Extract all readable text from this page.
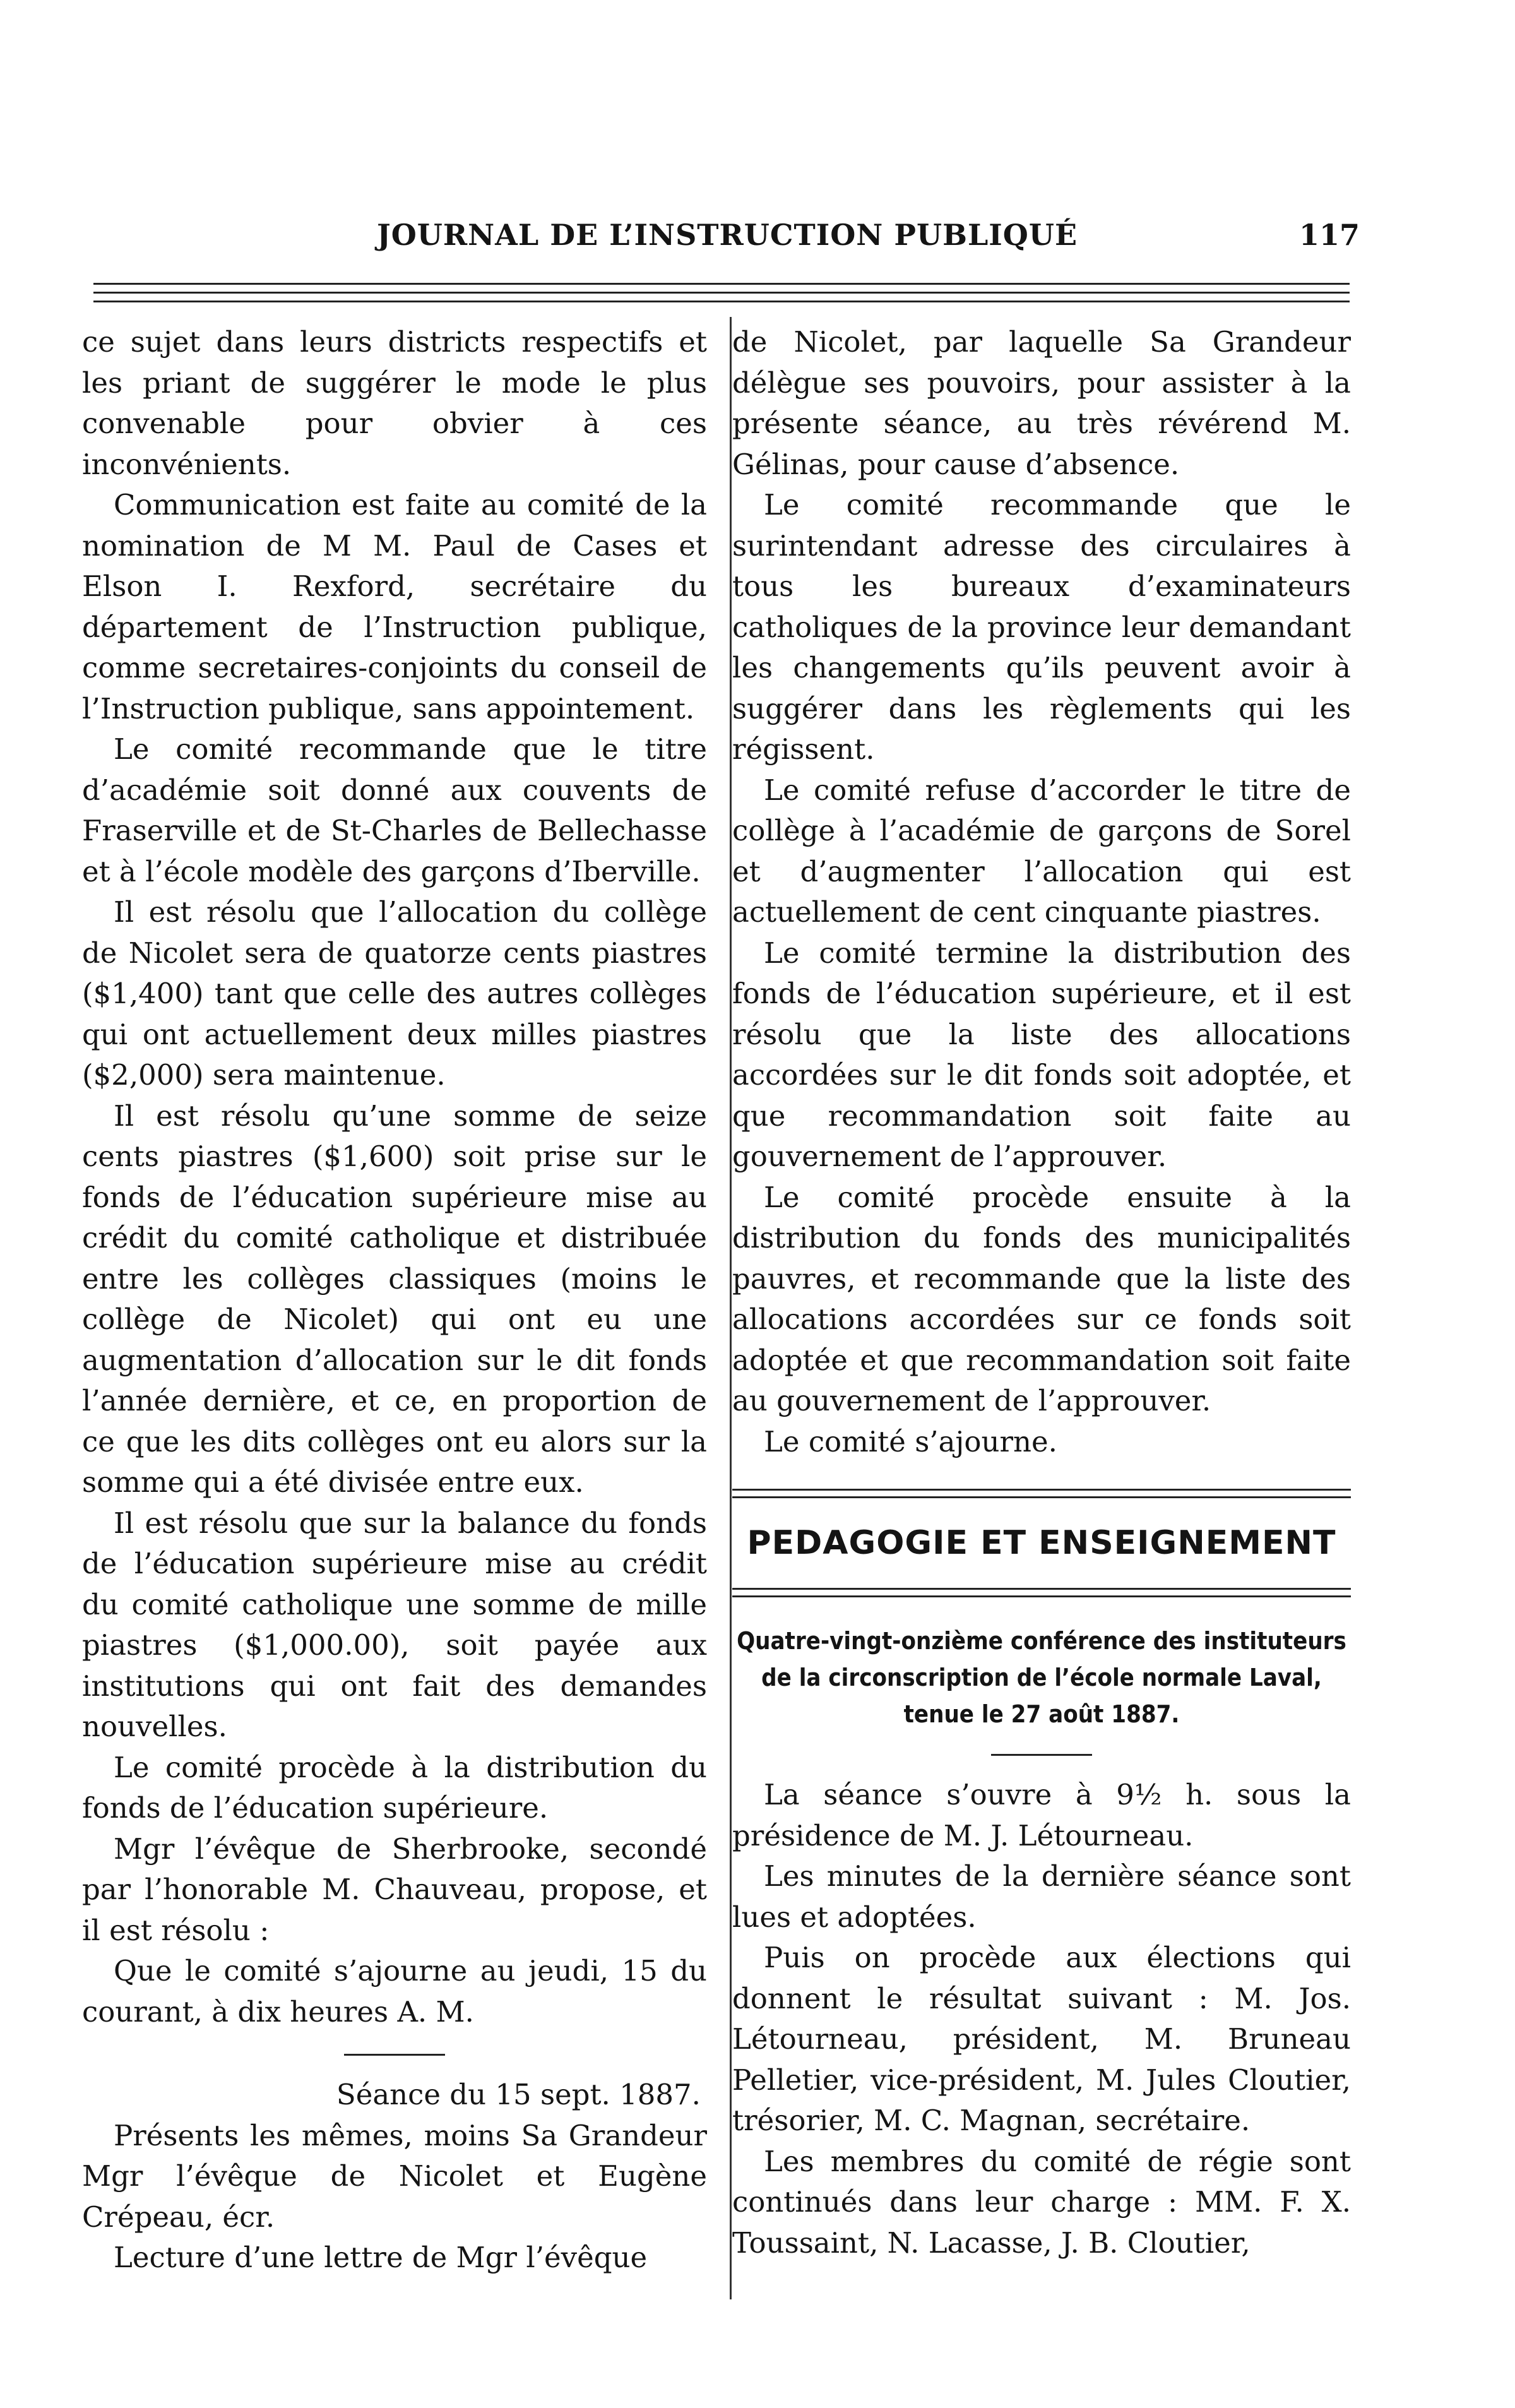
JOURNAL DE L’INSTRUCTION PUBLIQUÉ	117

ce sujet dans leurs districts respectifs et les priant de suggérer le mode le plus convenable pour obvier à ces inconvénients.

Communication est faite au comité de la nomination de M M. Paul de Cases et Elson I. Rexford, secrétaire du département de l’Instruction publique, comme secretaires-conjoints du conseil de l’Instruction publique, sans appointement.

Le comité recommande que le titre d’académie soit donné aux couvents de Fraserville et de St-Charles de Bellechasse et à l’école modèle des garçons d’Iberville.

Il est résolu que l’allocation du collège de Nicolet sera de quatorze cents piastres ($1,400) tant que celle des autres collèges qui ont actuellement deux milles piastres ($2,000) sera maintenue.

Il est résolu qu’une somme de seize cents piastres ($1,600) soit prise sur le fonds de l’éducation supérieure mise au crédit du comité catholique et distribuée entre les collèges classiques (moins le collège de Nicolet) qui ont eu une augmentation d’allocation sur le dit fonds l’année dernière, et ce, en proportion de ce que les dits collèges ont eu alors sur la somme qui a été divisée entre eux.

Il est résolu que sur la balance du fonds de l’éducation supérieure mise au crédit du comité catholique une somme de mille piastres ($1,000.00), soit payée aux institutions qui ont fait des demandes nouvelles.

Le comité procède à la distribution du fonds de l’éducation supérieure.

Mgr l’évêque de Sherbrooke, secondé par l’honorable M. Chauveau, propose, et il est résolu :

Que le comité s’ajourne au jeudi, 15 du courant, à dix heures A. M.

Séance du 15 sept. 1887.

Présents les mêmes, moins Sa Grandeur Mgr l’évêque de Nicolet et Eugène Crépeau, écr.

Lecture d’une lettre de Mgr l’évêque

de Nicolet, par laquelle Sa Grandeur délègue ses pouvoirs, pour assister à la présente séance, au très révérend M. Gélinas, pour cause d’absence.

Le comité recommande que le surintendant adresse des circulaires à tous les bureaux d’examinateurs catholiques de la province leur demandant les changements qu’ils peuvent avoir à suggérer dans les règlements qui les régissent.

Le comité refuse d’accorder le titre de collège à l’académie de garçons de Sorel et d’augmenter l’allocation qui est actuellement de cent cinquante piastres.

Le comité termine la distribution des fonds de l’éducation supérieure, et il est résolu que la liste des allocations accordées sur le dit fonds soit adoptée, et que recommandation soit faite au gouvernement de l’approuver.

Le comité procède ensuite à la distribution du fonds des municipalités pauvres, et recommande que la liste des allocations accordées sur ce fonds soit adoptée et que recommandation soit faite au gouvernement de l’approuver.

Le comité s’ajourne.

PEDAGOGIE ET ENSEIGNEMENT

Quatre-vingt-onzième conférence des instituteurs de la circonscription de l’école normale Laval, tenue le 27 août 1887.

La séance s’ouvre à 9½ h. sous la présidence de M. J. Létourneau.

Les minutes de la dernière séance sont lues et adoptées.

Puis on procède aux élections qui donnent le résultat suivant : M. Jos. Létourneau, président, M. Bruneau Pelletier, vice-président, M. Jules Cloutier, trésorier, M. C. Magnan, secrétaire.

Les membres du comité de régie sont continués dans leur charge : MM. F. X. Toussaint, N. Lacasse, J. B. Cloutier,
